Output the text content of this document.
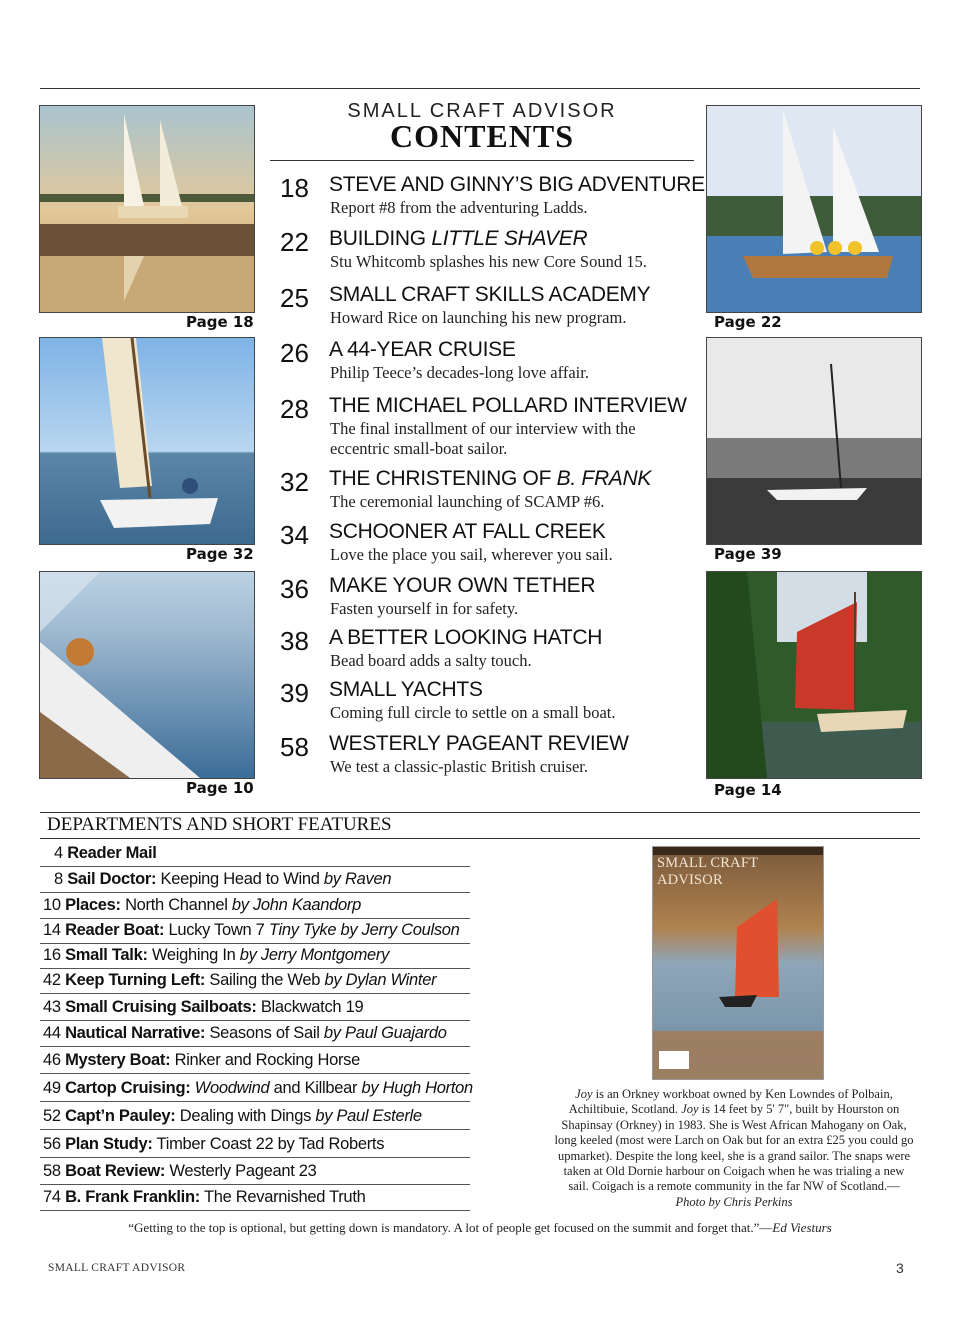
Page 18
Page 32
Page 10
Page 22
Page 39
Page 14
SMALL CRAFT ADVISOR
CONTENTS
18 STEVE AND GINNY’S BIG ADVENTURE
Report #8 from the adventuring Ladds.
22 BUILDING LITTLE SHAVER
Stu Whitcomb splashes his new Core Sound 15.
25 SMALL CRAFT SKILLS ACADEMY
Howard Rice on launching his new program.
26 A 44-YEAR CRUISE
Philip Teece’s decades-long love affair.
28 THE MICHAEL POLLARD INTERVIEW
The final installment of our interview with the eccentric small-boat sailor.
32 THE CHRISTENING OF B. FRANK
The ceremonial launching of SCAMP #6.
34 SCHOONER AT FALL CREEK
Love the place you sail, wherever you sail.
36 MAKE YOUR OWN TETHER
Fasten yourself in for safety.
38 A BETTER LOOKING HATCH
Bead board adds a salty touch.
39 SMALL YACHTS
Coming full circle to settle on a small boat.
58 WESTERLY PAGEANT REVIEW
We test a classic-plastic British cruiser.
DEPARTMENTS AND SHORT FEATURES
4 Reader Mail
8 Sail Doctor: Keeping Head to Wind by Raven
10 Places: North Channel by John Kaandorp
14 Reader Boat: Lucky Town 7 Tiny Tyke by Jerry Coulson
16 Small Talk: Weighing In by Jerry Montgomery
42 Keep Turning Left: Sailing the Web by Dylan Winter
43 Small Cruising Sailboats: Blackwatch 19
44 Nautical Narrative: Seasons of Sail by Paul Guajardo
46 Mystery Boat: Rinker and Rocking Horse
49 Cartop Cruising: Woodwind and Killbear by Hugh Horton
52 Capt’n Pauley: Dealing with Dings by Paul Esterle
56 Plan Study: Timber Coast 22 by Tad Roberts
58 Boat Review: Westerly Pageant 23
74 B. Frank Franklin: The Revarnished Truth
SMALL CRAFT ADVISOR
Joy is an Orkney workboat owned by Ken Lowndes of Polbain, Achiltibuie, Scotland. Joy is 14 feet by 5' 7", built by Hourston on Shapinsay (Orkney) in 1983. She is West African Mahogany on Oak, long keeled (most were Larch on Oak but for an extra £25 you could go upmarket). Despite the long keel, she is a grand sailor. The snaps were taken at Old Dornie harbour on Coigach when he was trialing a new sail. Coigach is a remote community in the far NW of Scotland.—
Photo by Chris Perkins
“Getting to the top is optional, but getting down is mandatory. A lot of people get focused on the summit and forget that.”—Ed Viesturs
SMALL CRAFT ADVISOR	3
